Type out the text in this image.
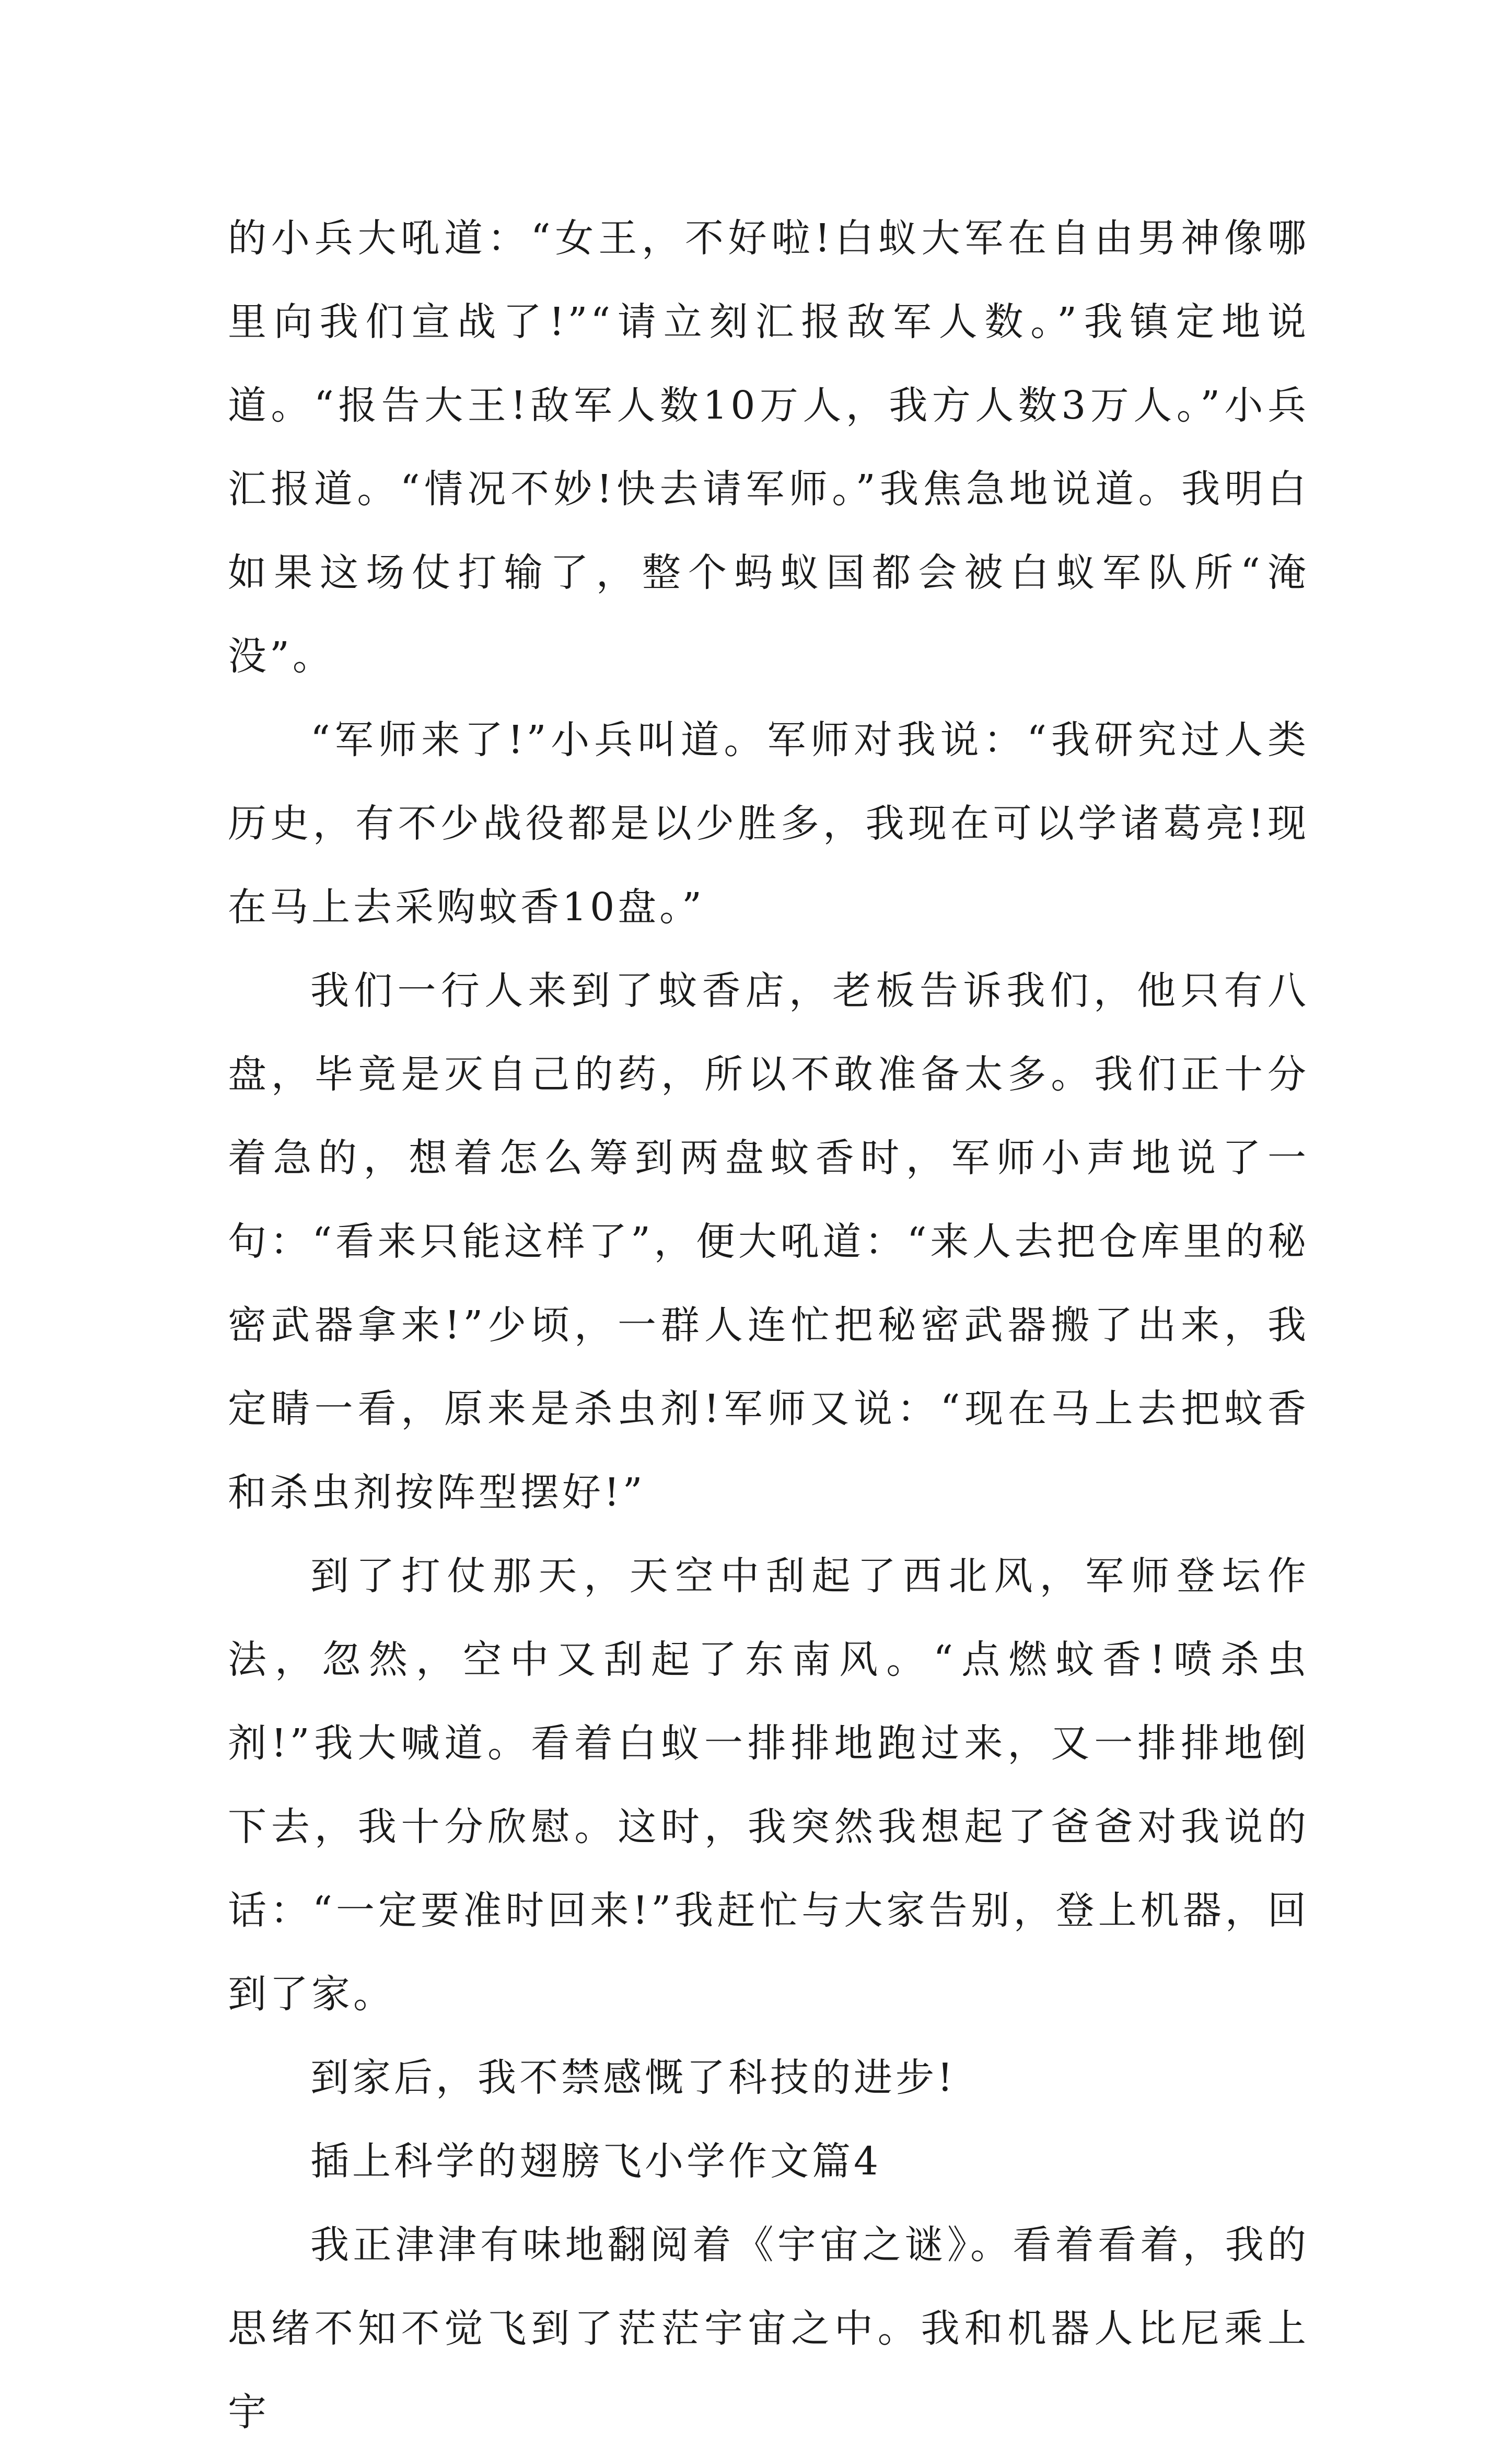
的小兵大吼道：“女王，不好啦!白蚁大军在自由男神像哪里向我们宣战了!”“请立刻汇报敌军人数。”我镇定地说道。“报告大王!敌军人数10万人，我方人数3万人。”小兵汇报道。“情况不妙!快去请军师。”我焦急地说道。我明白如果这场仗打输了，整个蚂蚁国都会被白蚁军队所“淹没”。

“军师来了!”小兵叫道。军师对我说：“我研究过人类历史，有不少战役都是以少胜多，我现在可以学诸葛亮!现在马上去采购蚊香10盘。”

我们一行人来到了蚊香店，老板告诉我们，他只有八盘，毕竟是灭自己的药，所以不敢准备太多。我们正十分着急的，想着怎么筹到两盘蚊香时，军师小声地说了一句：“看来只能这样了”，便大吼道：“来人去把仓库里的秘密武器拿来!”少顷，一群人连忙把秘密武器搬了出来，我定睛一看，原来是杀虫剂!军师又说：“现在马上去把蚊香和杀虫剂按阵型摆好!”

到了打仗那天，天空中刮起了西北风，军师登坛作法，忽然，空中又刮起了东南风。“点燃蚊香!喷杀虫剂!”我大喊道。看着白蚁一排排地跑过来，又一排排地倒下去，我十分欣慰。这时，我突然我想起了爸爸对我说的话：“一定要准时回来!”我赶忙与大家告别，登上机器，回到了家。

到家后，我不禁感慨了科技的进步!

插上科学的翅膀飞小学作文篇4

我正津津有味地翻阅着《宇宙之谜》。看着看着，我的思绪不知不觉飞到了茫茫宇宙之中。我和机器人比尼乘上宇
